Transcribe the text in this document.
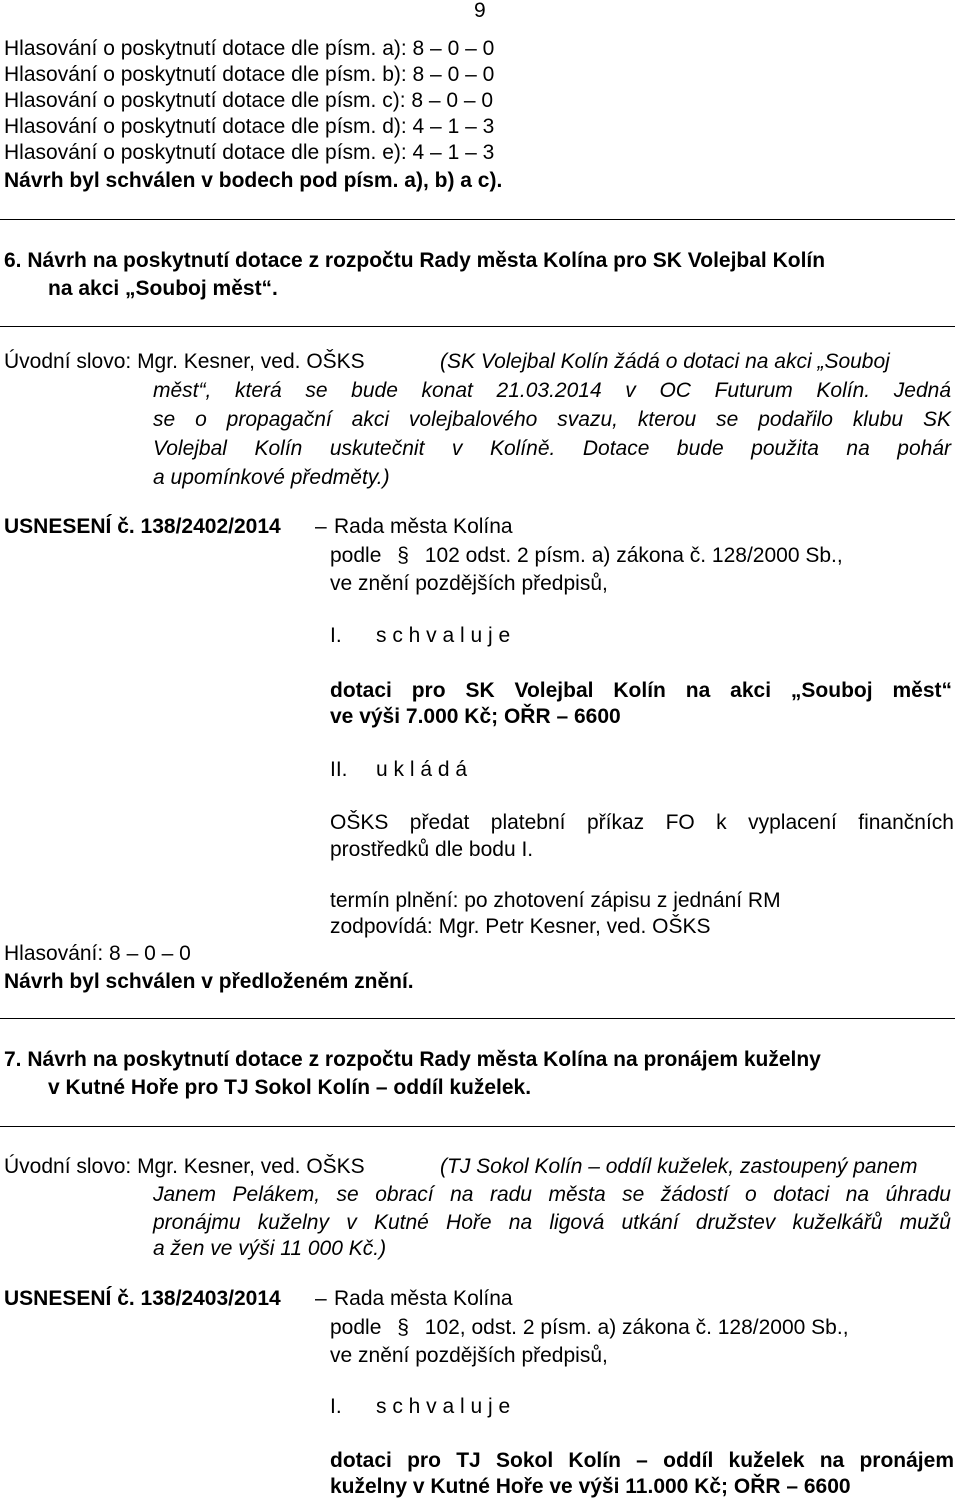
9
Hlasování o poskytnutí dotace dle písm. a): 8 – 0 – 0
Hlasování o poskytnutí dotace dle písm. b): 8 – 0 – 0
Hlasování o poskytnutí dotace dle písm. c): 8 – 0 – 0
Hlasování o poskytnutí dotace dle písm. d): 4 – 1 – 3
Hlasování o poskytnutí dotace dle písm. e): 4 – 1 – 3
Návrh byl schválen v bodech pod písm. a), b) a c).
6. Návrh na poskytnutí dotace z rozpočtu Rady města Kolína pro SK Volejbal Kolín
na akci „Souboj měst“.
Úvodní slovo: Mgr. Kesner, ved. OŠKS	(SK Volejbal Kolín žádá o dotaci na akci „Souboj
měst“, která se bude konat 21.03.2014 v OC Futurum Kolín. Jedná
se o propagační akci volejbalového svazu, kterou se podařilo klubu SK
Volejbal Kolín uskutečnit v Kolíně. Dotace bude použita na pohár
a upomínkové předměty.)
USNESENÍ č. 138/2402/2014 – Rada města Kolína
podle § 102 odst. 2 písm. a) zákona č. 128/2000 Sb.,
ve znění pozdějších předpisů,
I. s c h v a l u j e
dotaci pro SK Volejbal Kolín na akci „Souboj měst“
ve výši 7.000 Kč; OŘR – 6600
II. u k l á d á
OŠKS předat platební příkaz FO k vyplacení finančních
prostředků dle bodu I.
termín plnění: po zhotovení zápisu z jednání RM
zodpovídá: Mgr. Petr Kesner, ved. OŠKS
Hlasování: 8 – 0 – 0
Návrh byl schválen v předloženém znění.
7. Návrh na poskytnutí dotace z rozpočtu Rady města Kolína na pronájem kuželny
v Kutné Hoře pro TJ Sokol Kolín – oddíl kuželek.
Úvodní slovo: Mgr. Kesner, ved. OŠKS	(TJ Sokol Kolín – oddíl kuželek, zastoupený panem
Janem Pelákem, se obrací na radu města se žádostí o dotaci na úhradu
pronájmu kuželny v Kutné Hoře na ligová utkání družstev kuželkářů mužů
a žen ve výši 11 000 Kč.)
USNESENÍ č. 138/2403/2014 – Rada města Kolína
podle § 102, odst. 2 písm. a) zákona č. 128/2000 Sb.,
ve znění pozdějších předpisů,
I. s c h v a l u j e
dotaci pro TJ Sokol Kolín – oddíl kuželek na pronájem
kuželny v Kutné Hoře ve výši 11.000 Kč; OŘR – 6600
